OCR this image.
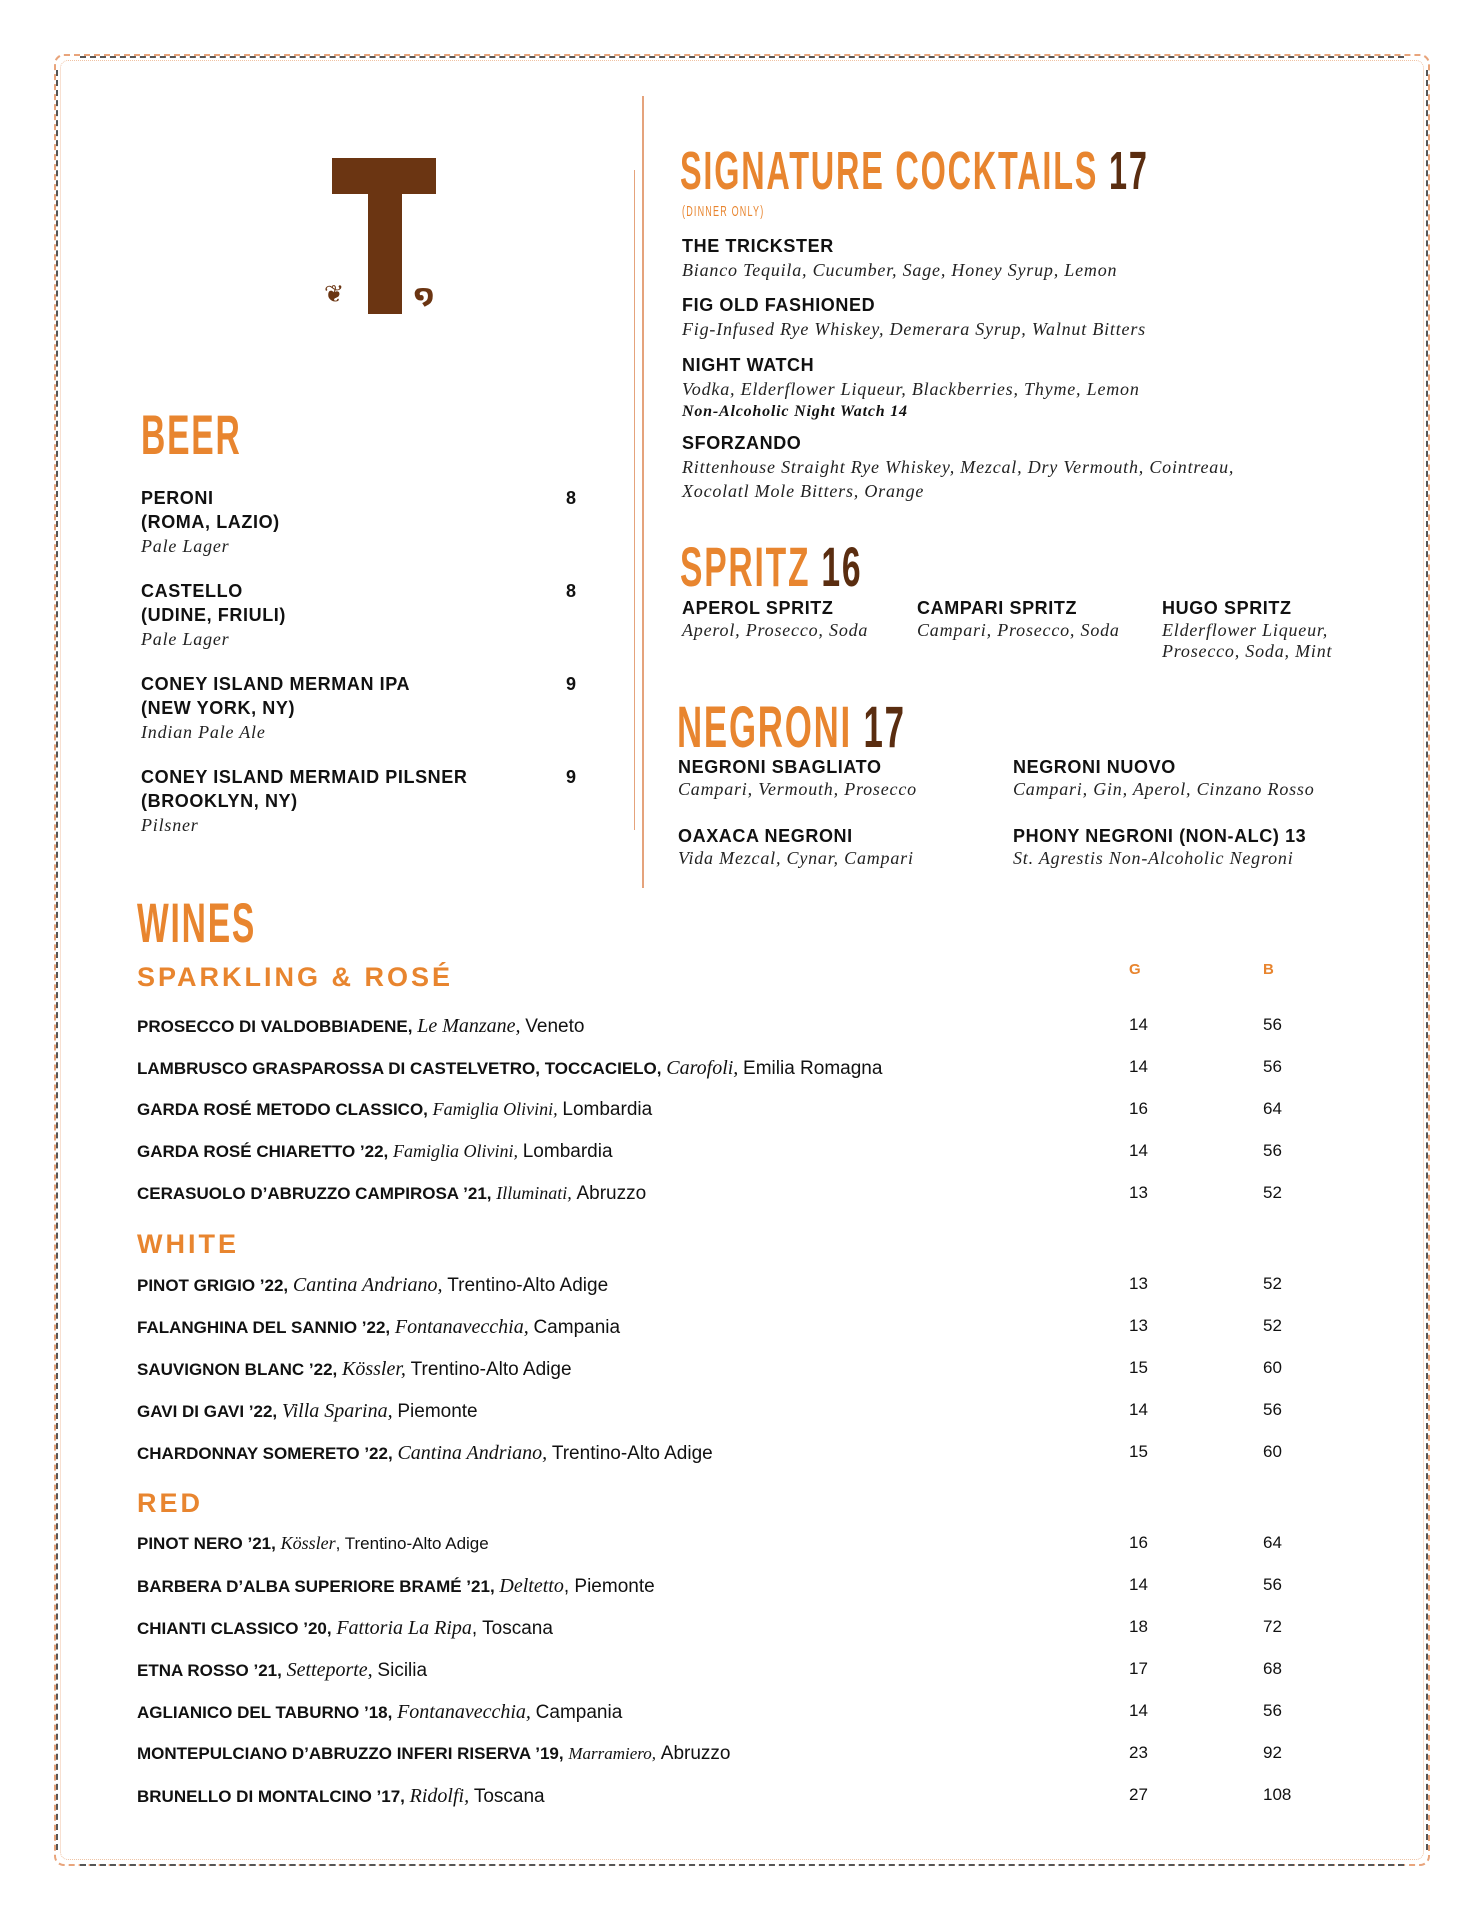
❦	໑
BEER
PERONI
(ROMA, LAZIO)
Pale Lager
8
CASTELLO
(UDINE, FRIULI)
Pale Lager
8
CONEY ISLAND MERMAN IPA
(NEW YORK, NY)
Indian Pale Ale
9
CONEY ISLAND MERMAID PILSNER
(BROOKLYN, NY)
Pilsner
9
SIGNATURE COCKTAILS 17
(DINNER ONLY)
THE TRICKSTER
Bianco Tequila, Cucumber, Sage, Honey Syrup, Lemon
FIG OLD FASHIONED
Fig-Infused Rye Whiskey, Demerara Syrup, Walnut Bitters
NIGHT WATCH
Vodka, Elderflower Liqueur, Blackberries, Thyme, Lemon
Non-Alcoholic Night Watch 14
SFORZANDO
Rittenhouse Straight Rye Whiskey, Mezcal, Dry Vermouth, Cointreau,
Xocolatl Mole Bitters, Orange
SPRITZ 16
APEROL SPRITZ
Aperol, Prosecco, Soda
CAMPARI SPRITZ
Campari, Prosecco, Soda
HUGO SPRITZ
Elderflower Liqueur,
Prosecco, Soda, Mint
NEGRONI 17
NEGRONI SBAGLIATO
Campari, Vermouth, Prosecco
NEGRONI NUOVO
Campari, Gin, Aperol, Cinzano Rosso
OAXACA NEGRONI
Vida Mezcal, Cynar, Campari
PHONY NEGRONI (NON-ALC) 13
St. Agrestis Non-Alcoholic Negroni
WINES
SPARKLING & ROSÉ	G	B
PROSECCO DI VALDOBBIADENE, Le Manzane, Veneto	14	56
LAMBRUSCO GRASPAROSSA DI CASTELVETRO, TOCCACIELO, Carofoli, Emilia Romagna	14	56
GARDA ROSÉ METODO CLASSICO, Famiglia Olivini, Lombardia	16	64
GARDA ROSÉ CHIARETTO ’22, Famiglia Olivini, Lombardia	14	56
CERASUOLO D’ABRUZZO CAMPIROSA ’21, Illuminati, Abruzzo	13	52
WHITE
PINOT GRIGIO ’22, Cantina Andriano, Trentino-Alto Adige	13	52
FALANGHINA DEL SANNIO ’22, Fontanavecchia, Campania	13	52
SAUVIGNON BLANC ’22, Kössler, Trentino-Alto Adige	15	60
GAVI DI GAVI ’22, Villa Sparina, Piemonte	14	56
CHARDONNAY SOMERETO ’22, Cantina Andriano, Trentino-Alto Adige	15	60
RED
PINOT NERO ’21, Kössler, Trentino-Alto Adige	16	64
BARBERA D’ALBA SUPERIORE BRAMÉ ’21, Deltetto, Piemonte	14	56
CHIANTI CLASSICO ’20, Fattoria La Ripa, Toscana	18	72
ETNA ROSSO ’21, Setteporte, Sicilia	17	68
AGLIANICO DEL TABURNO ’18, Fontanavecchia, Campania	14	56
MONTEPULCIANO D’ABRUZZO INFERI RISERVA ’19, Marramiero, Abruzzo	23	92
BRUNELLO DI MONTALCINO ’17, Ridolfi, Toscana	27	108
